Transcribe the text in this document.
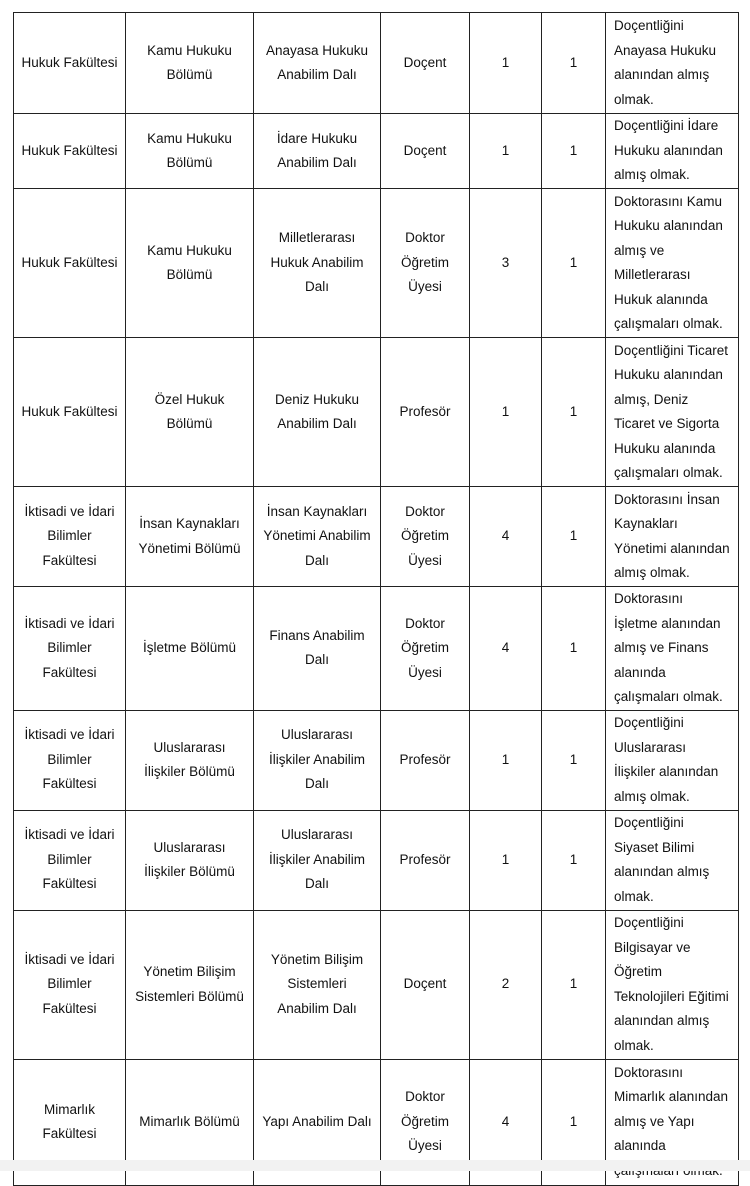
Hukuk Fakültesi	Kamu Hukuku Bölümü	Anayasa Hukuku Anabilim Dalı	Doçent	1	1	Doçentliğini Anayasa Hukuku alanından almış olmak.
Hukuk Fakültesi	Kamu Hukuku Bölümü	İdare Hukuku Anabilim Dalı	Doçent	1	1	Doçentliğini İdare Hukuku alanından almış olmak.
Hukuk Fakültesi	Kamu Hukuku Bölümü	Milletlerarası Hukuk Anabilim Dalı	Doktor Öğretim Üyesi	3	1	Doktorasını Kamu Hukuku alanından almış ve Milletlerarası Hukuk alanında çalışmaları olmak.
Hukuk Fakültesi	Özel Hukuk Bölümü	Deniz Hukuku Anabilim Dalı	Profesör	1	1	Doçentliğini Ticaret Hukuku alanından almış, Deniz Ticaret ve Sigorta Hukuku alanında çalışmaları olmak.
İktisadi ve İdari Bilimler Fakültesi	İnsan Kaynakları Yönetimi Bölümü	İnsan Kaynakları Yönetimi Anabilim Dalı	Doktor Öğretim Üyesi	4	1	Doktorasını İnsan Kaynakları Yönetimi alanından almış olmak.
İktisadi ve İdari Bilimler Fakültesi	İşletme Bölümü	Finans Anabilim Dalı	Doktor Öğretim Üyesi	4	1	Doktorasını İşletme alanından almış ve Finans alanında çalışmaları olmak.
İktisadi ve İdari Bilimler Fakültesi	Uluslararası İlişkiler Bölümü	Uluslararası İlişkiler Anabilim Dalı	Profesör	1	1	Doçentliğini Uluslararası İlişkiler alanından almış olmak.
İktisadi ve İdari Bilimler Fakültesi	Uluslararası İlişkiler Bölümü	Uluslararası İlişkiler Anabilim Dalı	Profesör	1	1	Doçentliğini Siyaset Bilimi alanından almış olmak.
İktisadi ve İdari Bilimler Fakültesi	Yönetim Bilişim Sistemleri Bölümü	Yönetim Bilişim Sistemleri Anabilim Dalı	Doçent	2	1	Doçentliğini Bilgisayar ve Öğretim Teknolojileri Eğitimi alanından almış olmak.
Mimarlık Fakültesi	Mimarlık Bölümü	Yapı Anabilim Dalı	Doktor Öğretim Üyesi	4	1	Doktorasını Mimarlık alanından almış ve Yapı alanında
